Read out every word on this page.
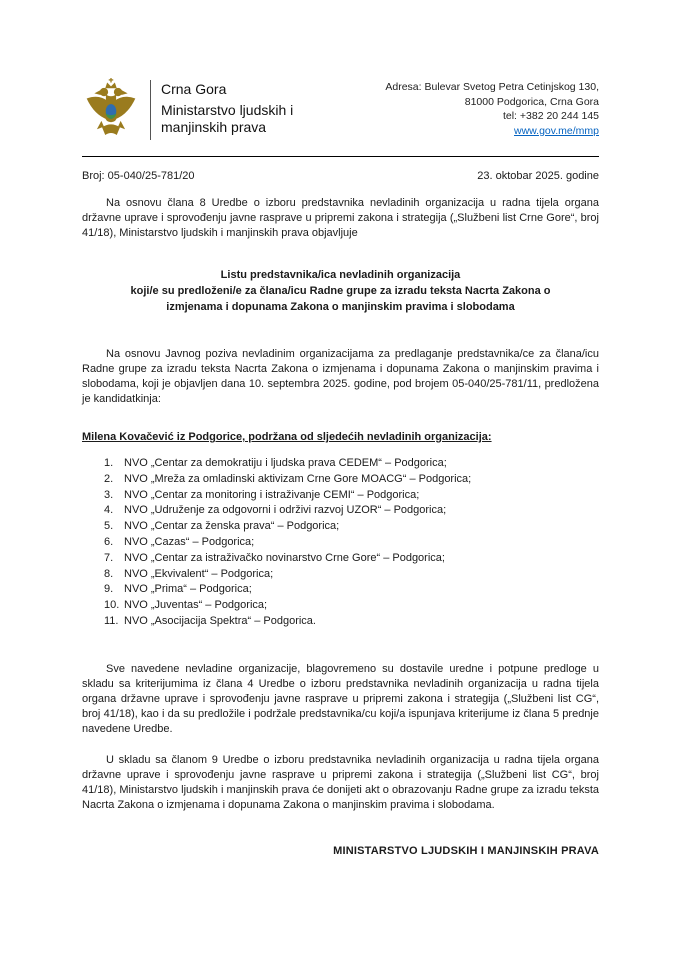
Crna Gora
Ministarstvo ljudskih i
manjinskih prava
Adresa: Bulevar Svetog Petra Cetinjskog 130,
81000 Podgorica, Crna Gora
tel: +382 20 244 145
www.gov.me/mmp
Broj: 05-040/25-781/20	23. oktobar 2025. godine

Na osnovu člana 8 Uredbe o izboru predstavnika nevladinih organizacija u radna tijela organa državne uprave i sprovođenju javne rasprave u pripremi zakona i strategija („Službeni list Crne Gore“, broj 41/18), Ministarstvo ljudskih i manjinskih prava objavljuje

Listu predstavnika/ica nevladinih organizacija
koji/e su predloženi/e za člana/icu Radne grupe za izradu teksta Nacrta Zakona o
izmjenama i dopunama Zakona o manjinskim pravima i slobodama

Na osnovu Javnog poziva nevladinim organizacijama za predlaganje predstavnika/ce za člana/icu Radne grupe za izradu teksta Nacrta Zakona o izmjenama i dopunama Zakona o manjinskim pravima i slobodama, koji je objavljen dana 10. septembra 2025. godine, pod brojem 05-040/25-781/11, predložena je kandidatkinja:

Milena Kovačević iz Podgorice, podržana od sljedećih nevladinih organizacija:

1. NVO „Centar za demokratiju i ljudska prava CEDEM“ – Podgorica;
2. NVO „Mreža za omladinski aktivizam Crne Gore MOACG“ – Podgorica;
3. NVO „Centar za monitoring i istraživanje CEMI“ – Podgorica;
4. NVO „Udruženje za odgovorni i održivi razvoj UZOR“ – Podgorica;
5. NVO „Centar za ženska prava“ – Podgorica;
6. NVO „Cazas“ – Podgorica;
7. NVO „Centar za istraživačko novinarstvo Crne Gore“ – Podgorica;
8. NVO „Ekvivalent“ – Podgorica;
9. NVO „Prima“ – Podgorica;
10. NVO „Juventas“ – Podgorica;
11. NVO „Asocijacija Spektra“ – Podgorica.

Sve navedene nevladine organizacije, blagovremeno su dostavile uredne i potpune predloge u skladu sa kriterijumima iz člana 4 Uredbe o izboru predstavnika nevladinih organizacija u radna tijela organa državne uprave i sprovođenju javne rasprave u pripremi zakona i strategija („Službeni list CG“, broj 41/18), kao i da su predložile i podržale predstavnika/cu koji/a ispunjava kriterijume iz člana 5 prednje navedene Uredbe.

U skladu sa članom 9 Uredbe o izboru predstavnika nevladinih organizacija u radna tijela organa državne uprave i sprovođenju javne rasprave u pripremi zakona i strategija („Službeni list CG“, broj 41/18), Ministarstvo ljudskih i manjinskih prava će donijeti akt o obrazovanju Radne grupe za izradu teksta Nacrta Zakona o izmjenama i dopunama Zakona o manjinskim pravima i slobodama.

MINISTARSTVO LJUDSKIH I MANJINSKIH PRAVA
